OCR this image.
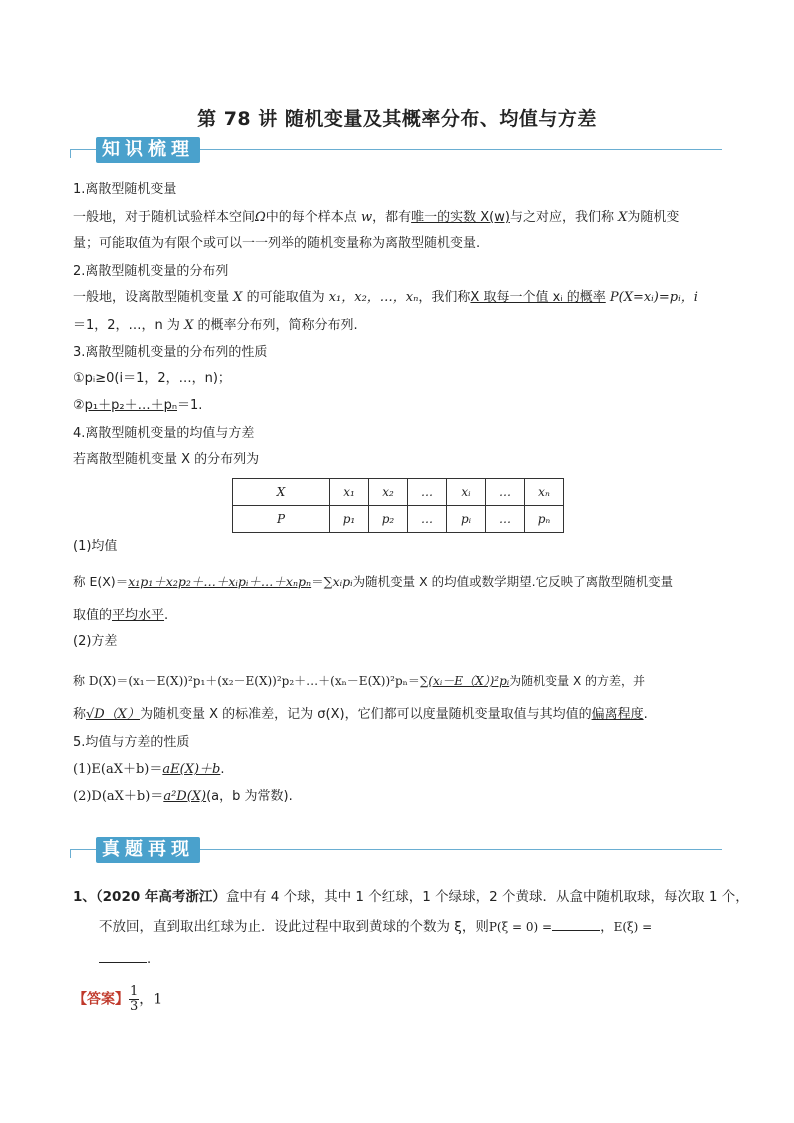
第 78 讲 随机变量及其概率分布、均值与方差
知识梳理
1.离散型随机变量
一般地，对于随机试验样本空间Ω中的每个样本点 w，都有唯一的实数 X(w)与之对应，我们称 X为随机变
量；可能取值为有限个或可以一一列举的随机变量称为离散型随机变量.
2.离散型随机变量的分布列
一般地，设离散型随机变量 X 的可能取值为 x₁，x₂，…，xₙ，我们称X 取每一个值 xᵢ 的概率 P(X=xᵢ)=pᵢ，i
＝1，2，…，n 为 X 的概率分布列，简称分布列.
3.离散型随机变量的分布列的性质
①pᵢ≥0(i＝1，2，…，n)；
②p₁＋p₂＋…＋pₙ＝1.
4.离散型随机变量的均值与方差
若离散型随机变量 X 的分布列为
X	x₁	x₂	…	xᵢ	…	xₙ
P	p₁	p₂	…	pᵢ	…	pₙ
(1)均值
称 E(X)＝x₁p₁＋x₂p₂＋…＋xᵢpᵢ＋…＋xₙpₙ＝∑xᵢpᵢ为随机变量 X 的均值或数学期望.它反映了离散型随机变量
取值的平均水平.
(2)方差
称 D(X)＝(x₁－E(X))²p₁＋(x₂－E(X))²p₂＋…＋(xₙ－E(X))²pₙ＝∑(xᵢ－E（X）)²pᵢ为随机变量 X 的方差，并
称√D（X）为随机变量 X 的标准差，记为 σ(X)，它们都可以度量随机变量取值与其均值的偏离程度.
5.均值与方差的性质
(1)E(aX＋b)＝aE(X)＋b.
(2)D(aX＋b)＝a²D(X)(a，b 为常数).
真题再现
1、（2020 年高考浙江）盒中有 4 个球，其中 1 个红球，1 个绿球，2 个黄球．从盒中随机取球，每次取 1 个，
不放回，直到取出红球为止．设此过程中取到黄球的个数为 ξ，则P(ξ = 0) =	，E(ξ) =
.
【答案】 $\frac{1}{3}$ ，1
